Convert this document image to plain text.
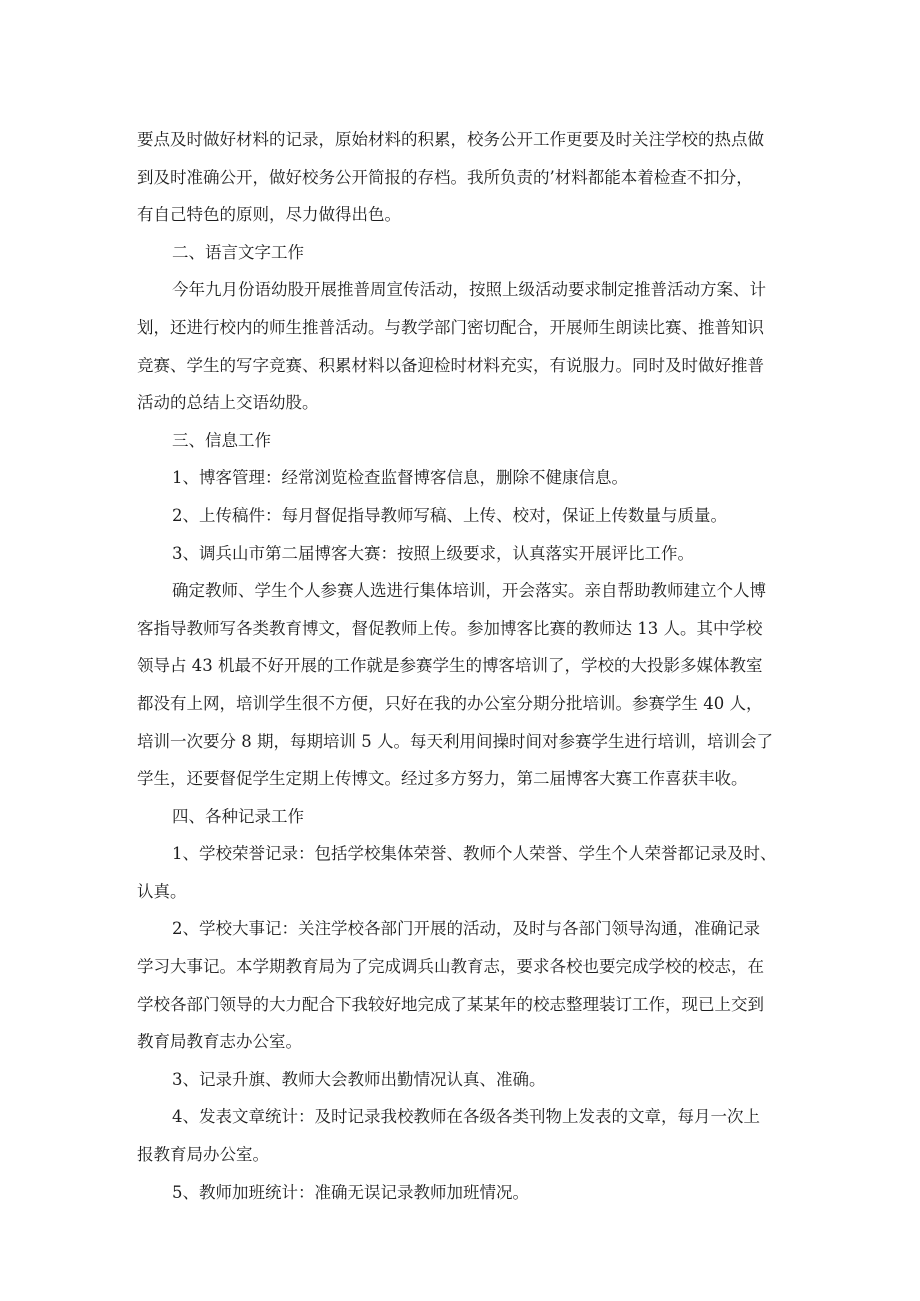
要点及时做好材料的记录，原始材料的积累，校务公开工作更要及时关注学校的热点做
到及时准确公开，做好校务公开简报的存档。我所负责的’材料都能本着检查不扣分，
有自己特色的原则，尽力做得出色。
二、语言文字工作
今年九月份语幼股开展推普周宣传活动，按照上级活动要求制定推普活动方案、计
划，还进行校内的师生推普活动。与教学部门密切配合，开展师生朗读比赛、推普知识
竞赛、学生的写字竞赛、积累材料以备迎检时材料充实，有说服力。同时及时做好推普
活动的总结上交语幼股。
三、信息工作
1、博客管理：经常浏览检查监督博客信息，删除不健康信息。
2、上传稿件：每月督促指导教师写稿、上传、校对，保证上传数量与质量。
3、调兵山市第二届博客大赛：按照上级要求，认真落实开展评比工作。
确定教师、学生个人参赛人选进行集体培训，开会落实。亲自帮助教师建立个人博
客指导教师写各类教育博文，督促教师上传。参加博客比赛的教师达 13 人。其中学校
领导占 43 机最不好开展的工作就是参赛学生的博客培训了，学校的大投影多媒体教室
都没有上网，培训学生很不方便，只好在我的办公室分期分批培训。参赛学生 40 人，
培训一次要分 8 期，每期培训 5 人。每天利用间操时间对参赛学生进行培训，培训会了
学生，还要督促学生定期上传博文。经过多方努力，第二届博客大赛工作喜获丰收。
四、各种记录工作
1、学校荣誉记录：包括学校集体荣誉、教师个人荣誉、学生个人荣誉都记录及时、
认真。
2、学校大事记：关注学校各部门开展的活动，及时与各部门领导沟通，准确记录
学习大事记。本学期教育局为了完成调兵山教育志，要求各校也要完成学校的校志，在
学校各部门领导的大力配合下我较好地完成了某某年的校志整理装订工作，现已上交到
教育局教育志办公室。
3、记录升旗、教师大会教师出勤情况认真、准确。
4、发表文章统计：及时记录我校教师在各级各类刊物上发表的文章，每月一次上
报教育局办公室。
5、教师加班统计：准确无误记录教师加班情况。
